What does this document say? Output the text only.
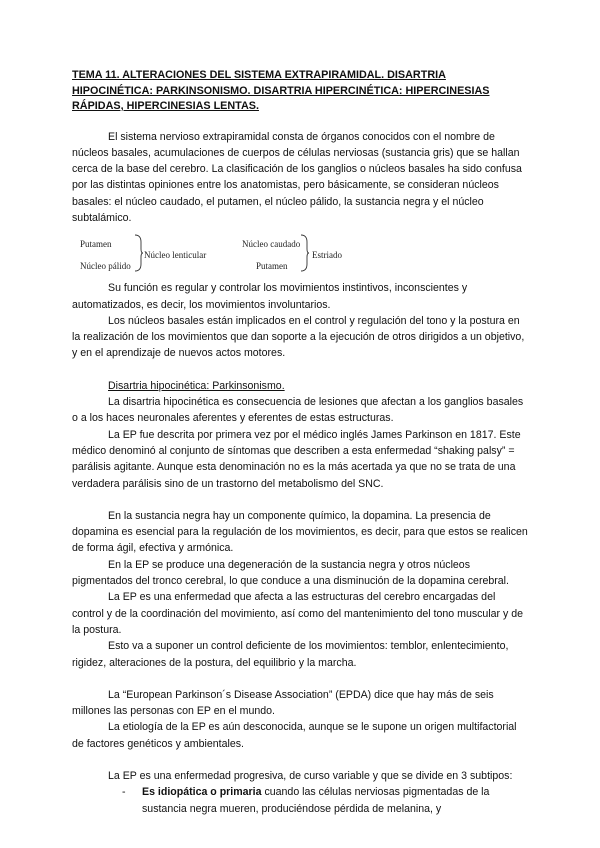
TEMA 11. ALTERACIONES DEL SISTEMA EXTRAPIRAMIDAL. DISARTRIA HIPOCINÉTICA: PARKINSONISMO. DISARTRIA HIPERCINÉTICA: HIPERCINESIAS RÁPIDAS, HIPERCINESIAS LENTAS.

El sistema nervioso extrapiramidal consta de órganos conocidos con el nombre de núcleos basales, acumulaciones de cuerpos de células nerviosas (sustancia gris) que se hallan cerca de la base del cerebro. La clasificación de los ganglios o núcleos basales ha sido confusa por las distintas opiniones entre los anatomistas, pero básicamente, se consideran núcleos basales: el núcleo caudado, el putamen, el núcleo pálido, la sustancia negra y el núcleo subtalámico.

Putamen
Núcleo pálido
Núcleo lenticular
Núcleo caudado
Putamen
Estriado

Su función es regular y controlar los movimientos instintivos, inconscientes y automatizados, es decir, los movimientos involuntarios.

Los núcleos basales están implicados en el control y regulación del tono y la postura en la realización de los movimientos que dan soporte a la ejecución de otros dirigidos a un objetivo, y en el aprendizaje de nuevos actos motores.

Disartria hipocinética: Parkinsonismo.

La disartria hipocinética es consecuencia de lesiones que afectan a los ganglios basales o a los haces neuronales aferentes y eferentes de estas estructuras.

La EP fue descrita por primera vez por el médico inglés James Parkinson en 1817. Este médico denominó al conjunto de síntomas que describen a esta enfermedad “shaking palsy” = parálisis agitante. Aunque esta denominación no es la más acertada ya que no se trata de una verdadera parálisis sino de un trastorno del metabolismo del SNC.

En la sustancia negra hay un componente químico, la dopamina. La presencia de dopamina es esencial para la regulación de los movimientos, es decir, para que estos se realicen de forma ágil, efectiva y armónica.

En la EP se produce una degeneración de la sustancia negra y otros núcleos pigmentados del tronco cerebral, lo que conduce a una disminución de la dopamina cerebral.

La EP es una enfermedad que afecta a las estructuras del cerebro encargadas del control y de la coordinación del movimiento, así como del mantenimiento del tono muscular y de la postura.

Esto va a suponer un control deficiente de los movimientos: temblor, enlentecimiento, rigidez, alteraciones de la postura, del equilibrio y la marcha.

La “European Parkinson´s Disease Association” (EPDA) dice que hay más de seis millones las personas con EP en el mundo.

La etiología de la EP es aún desconocida, aunque se le supone un origen multifactorial de factores genéticos y ambientales.

La EP es una enfermedad progresiva, de curso variable y que se divide en 3 subtipos:

-	Es idiopática o primaria cuando las células nerviosas pigmentadas de la sustancia negra mueren, produciéndose pérdida de melanina, y
